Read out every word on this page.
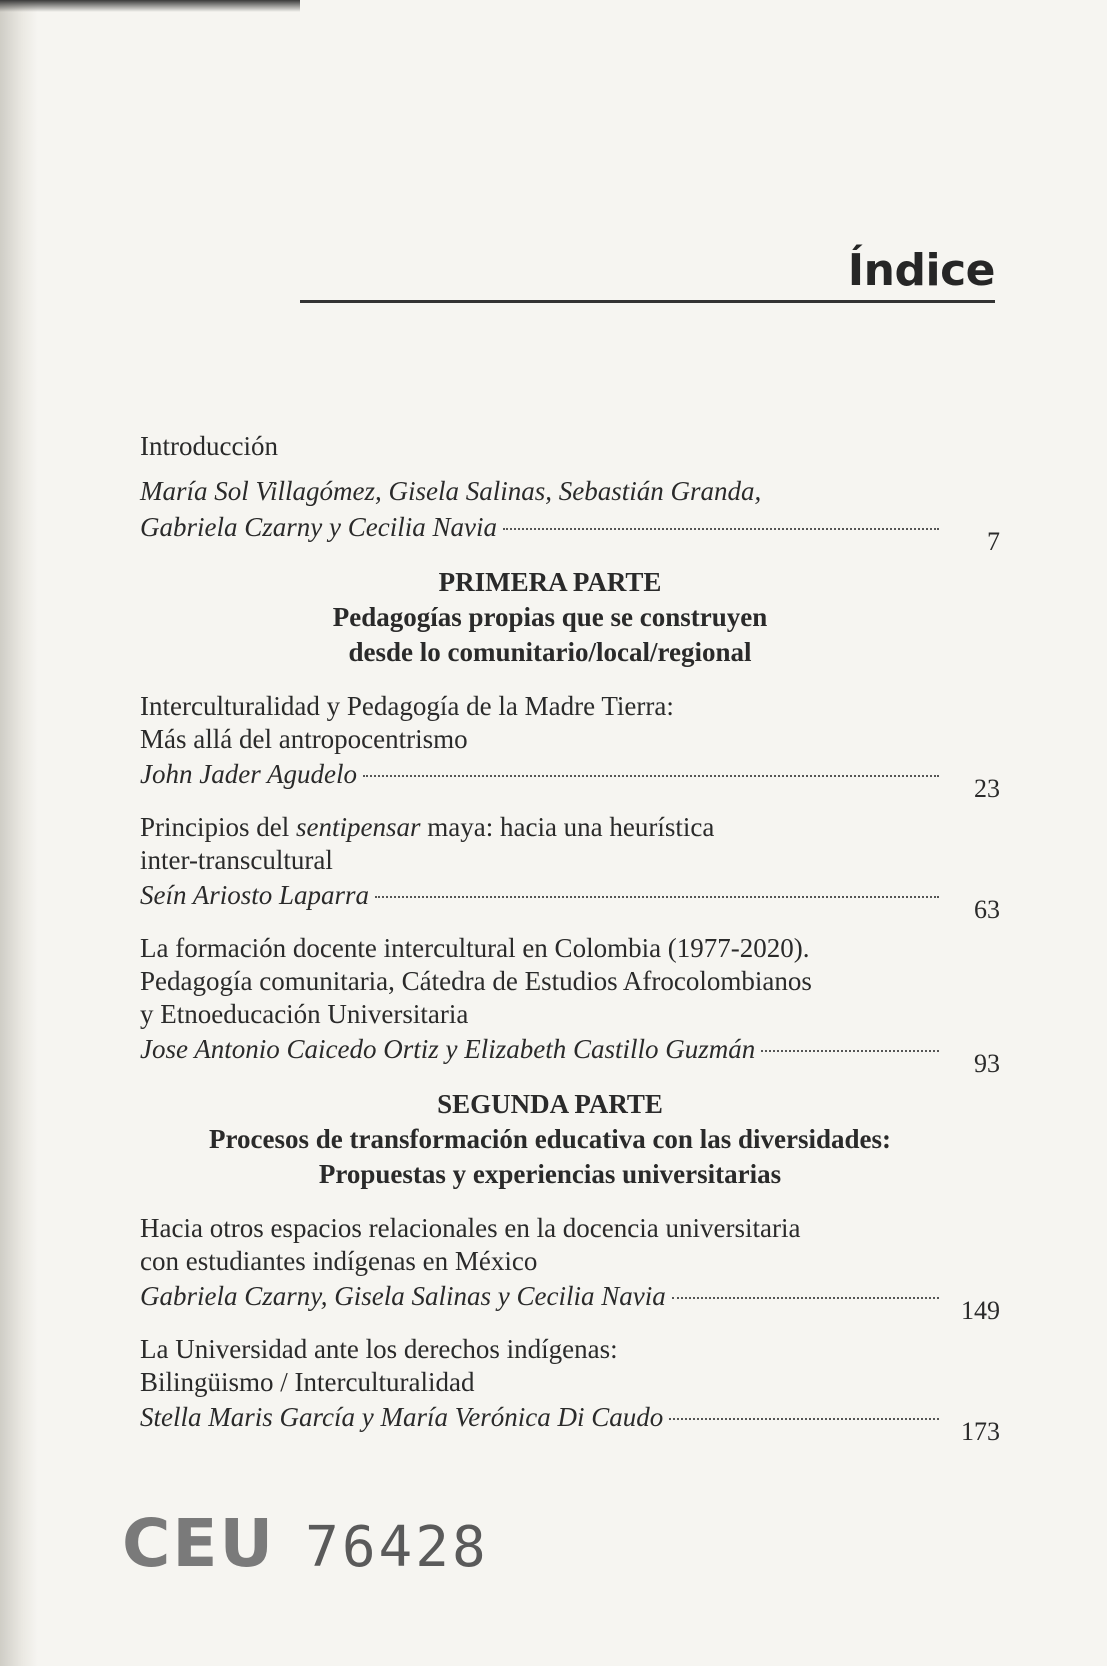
Índice
Introducción
María Sol Villagómez, Gisela Salinas, Sebastián Granda,
Gabriela Czarny y Cecilia Navia	7
PRIMERA PARTE
Pedagogías propias que se construyen
desde lo comunitario/local/regional
Interculturalidad y Pedagogía de la Madre Tierra:
Más allá del antropocentrismo
John Jader Agudelo	23
Principios del sentipensar maya: hacia una heurística
inter-transcultural
Seín Ariosto Laparra	63
La formación docente intercultural en Colombia (1977-2020).
Pedagogía comunitaria, Cátedra de Estudios Afrocolombianos
y Etnoeducación Universitaria
Jose Antonio Caicedo Ortiz y Elizabeth Castillo Guzmán	93
SEGUNDA PARTE
Procesos de transformación educativa con las diversidades:
Propuestas y experiencias universitarias
Hacia otros espacios relacionales en la docencia universitaria
con estudiantes indígenas en México
Gabriela Czarny, Gisela Salinas y Cecilia Navia	149
La Universidad ante los derechos indígenas:
Bilingüismo / Interculturalidad
Stella Maris García y María Verónica Di Caudo	173
CEU 76428
